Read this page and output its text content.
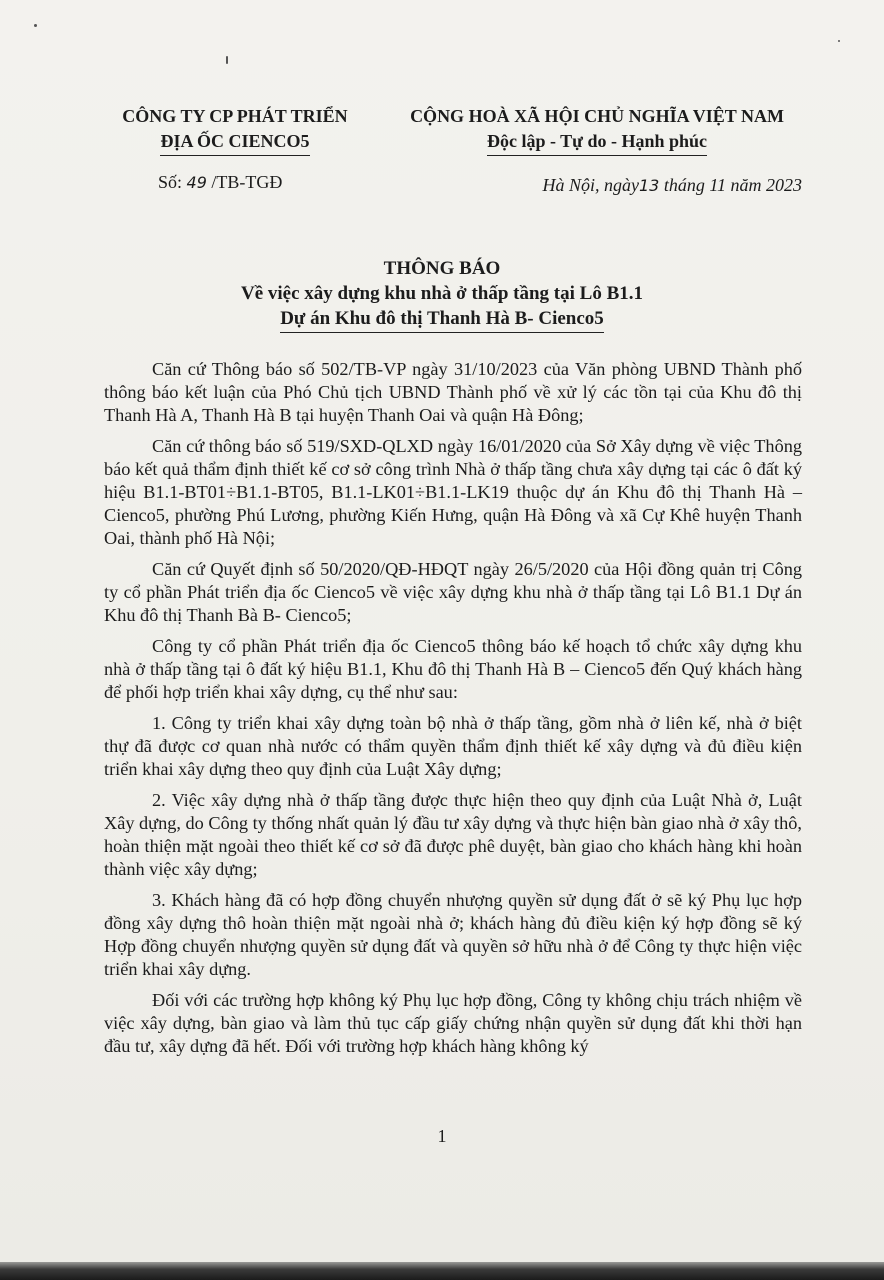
CÔNG TY CP PHÁT TRIỂN
ĐỊA ỐC CIENCO5
CỘNG HOÀ XÃ HỘI CHỦ NGHĨA VIỆT NAM
Độc lập - Tự do - Hạnh phúc
Số: 49 /TB-TGĐ	Hà Nội, ngày13 tháng 11 năm 2023
THÔNG BÁO
Về việc xây dựng khu nhà ở thấp tầng tại Lô B1.1
Dự án Khu đô thị Thanh Hà B- Cienco5

Căn cứ Thông báo số 502/TB-VP ngày 31/10/2023 của Văn phòng UBND Thành phố thông báo kết luận của Phó Chủ tịch UBND Thành phố về xử lý các tồn tại của Khu đô thị Thanh Hà A, Thanh Hà B tại huyện Thanh Oai và quận Hà Đông;

Căn cứ thông báo số 519/SXD-QLXD ngày 16/01/2020 của Sở Xây dựng về việc Thông báo kết quả thẩm định thiết kế cơ sở công trình Nhà ở thấp tầng chưa xây dựng tại các ô đất ký hiệu B1.1-BT01÷B1.1-BT05, B1.1-LK01÷B1.1-LK19 thuộc dự án Khu đô thị Thanh Hà – Cienco5, phường Phú Lương, phường Kiến Hưng, quận Hà Đông và xã Cự Khê huyện Thanh Oai, thành phố Hà Nội;

Căn cứ Quyết định số 50/2020/QĐ-HĐQT ngày 26/5/2020 của Hội đồng quản trị Công ty cổ phần Phát triển địa ốc Cienco5 về việc xây dựng khu nhà ở thấp tầng tại Lô B1.1 Dự án Khu đô thị Thanh Bà B- Cienco5;

Công ty cổ phần Phát triển địa ốc Cienco5 thông báo kế hoạch tổ chức xây dựng khu nhà ở thấp tầng tại ô đất ký hiệu B1.1, Khu đô thị Thanh Hà B – Cienco5 đến Quý khách hàng để phối hợp triển khai xây dựng, cụ thể như sau:

1. Công ty triển khai xây dựng toàn bộ nhà ở thấp tầng, gồm nhà ở liên kế, nhà ở biệt thự đã được cơ quan nhà nước có thẩm quyền thẩm định thiết kế xây dựng và đủ điều kiện triển khai xây dựng theo quy định của Luật Xây dựng;

2. Việc xây dựng nhà ở thấp tầng được thực hiện theo quy định của Luật Nhà ở, Luật Xây dựng, do Công ty thống nhất quản lý đầu tư xây dựng và thực hiện bàn giao nhà ở xây thô, hoàn thiện mặt ngoài theo thiết kế cơ sở đã được phê duyệt, bàn giao cho khách hàng khi hoàn thành việc xây dựng;

3. Khách hàng đã có hợp đồng chuyển nhượng quyền sử dụng đất ở sẽ ký Phụ lục hợp đồng xây dựng thô hoàn thiện mặt ngoài nhà ở; khách hàng đủ điều kiện ký hợp đồng sẽ ký Hợp đồng chuyển nhượng quyền sử dụng đất và quyền sở hữu nhà ở để Công ty thực hiện việc triển khai xây dựng.

Đối với các trường hợp không ký Phụ lục hợp đồng, Công ty không chịu trách nhiệm về việc xây dựng, bàn giao và làm thủ tục cấp giấy chứng nhận quyền sử dụng đất khi thời hạn đầu tư, xây dựng đã hết. Đối với trường hợp khách hàng không ký

1
